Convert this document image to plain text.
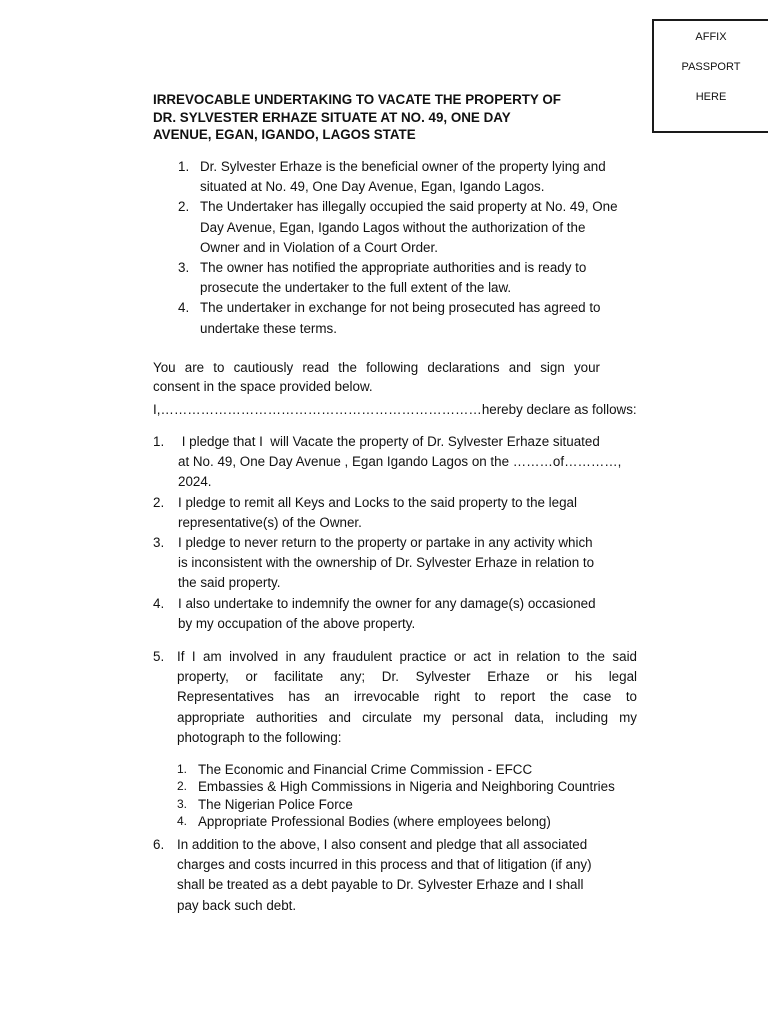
AFFIX
PASSPORT
HERE
IRREVOCABLE UNDERTAKING TO VACATE THE PROPERTY OF
DR. SYLVESTER ERHAZE SITUATE AT NO. 49, ONE DAY
AVENUE, EGAN, IGANDO, LAGOS STATE
1. Dr. Sylvester Erhaze is the beneficial owner of the property lying and
situated at No. 49, One Day Avenue, Egan, Igando Lagos.
2. The Undertaker has illegally occupied the said property at No. 49, One
Day Avenue, Egan, Igando Lagos without the authorization of the
Owner and in Violation of a Court Order.
3. The owner has notified the appropriate authorities and is ready to
prosecute the undertaker to the full extent of the law.
4. The undertaker in exchange for not being prosecuted has agreed to
undertake these terms.

You are to cautiously read the following declarations and sign your
consent in the space provided below.

I,………………………………………………………………hereby declare as follows:

1. I pledge that I  will Vacate the property of Dr. Sylvester Erhaze situated
at No. 49, One Day Avenue , Egan Igando Lagos on the ………of…………,
2024.
2. I pledge to remit all Keys and Locks to the said property to the legal
representative(s) of the Owner.
3. I pledge to never return to the property or partake in any activity which
is inconsistent with the ownership of Dr. Sylvester Erhaze in relation to
the said property.
4. I also undertake to indemnify the owner for any damage(s) occasioned
by my occupation of the above property.
5. If I am involved in any fraudulent practice or act in relation to the said
property, or facilitate any; Dr. Sylvester Erhaze or his legal
Representatives has an irrevocable right to report the case to
appropriate authorities and circulate my personal data, including my
photograph to the following:
1. The Economic and Financial Crime Commission - EFCC
2. Embassies & High Commissions in Nigeria and Neighboring Countries
3. The Nigerian Police Force
4. Appropriate Professional Bodies (where employees belong)
6. In addition to the above, I also consent and pledge that all associated
charges and costs incurred in this process and that of litigation (if any)
shall be treated as a debt payable to Dr. Sylvester Erhaze and I shall
pay back such debt.
